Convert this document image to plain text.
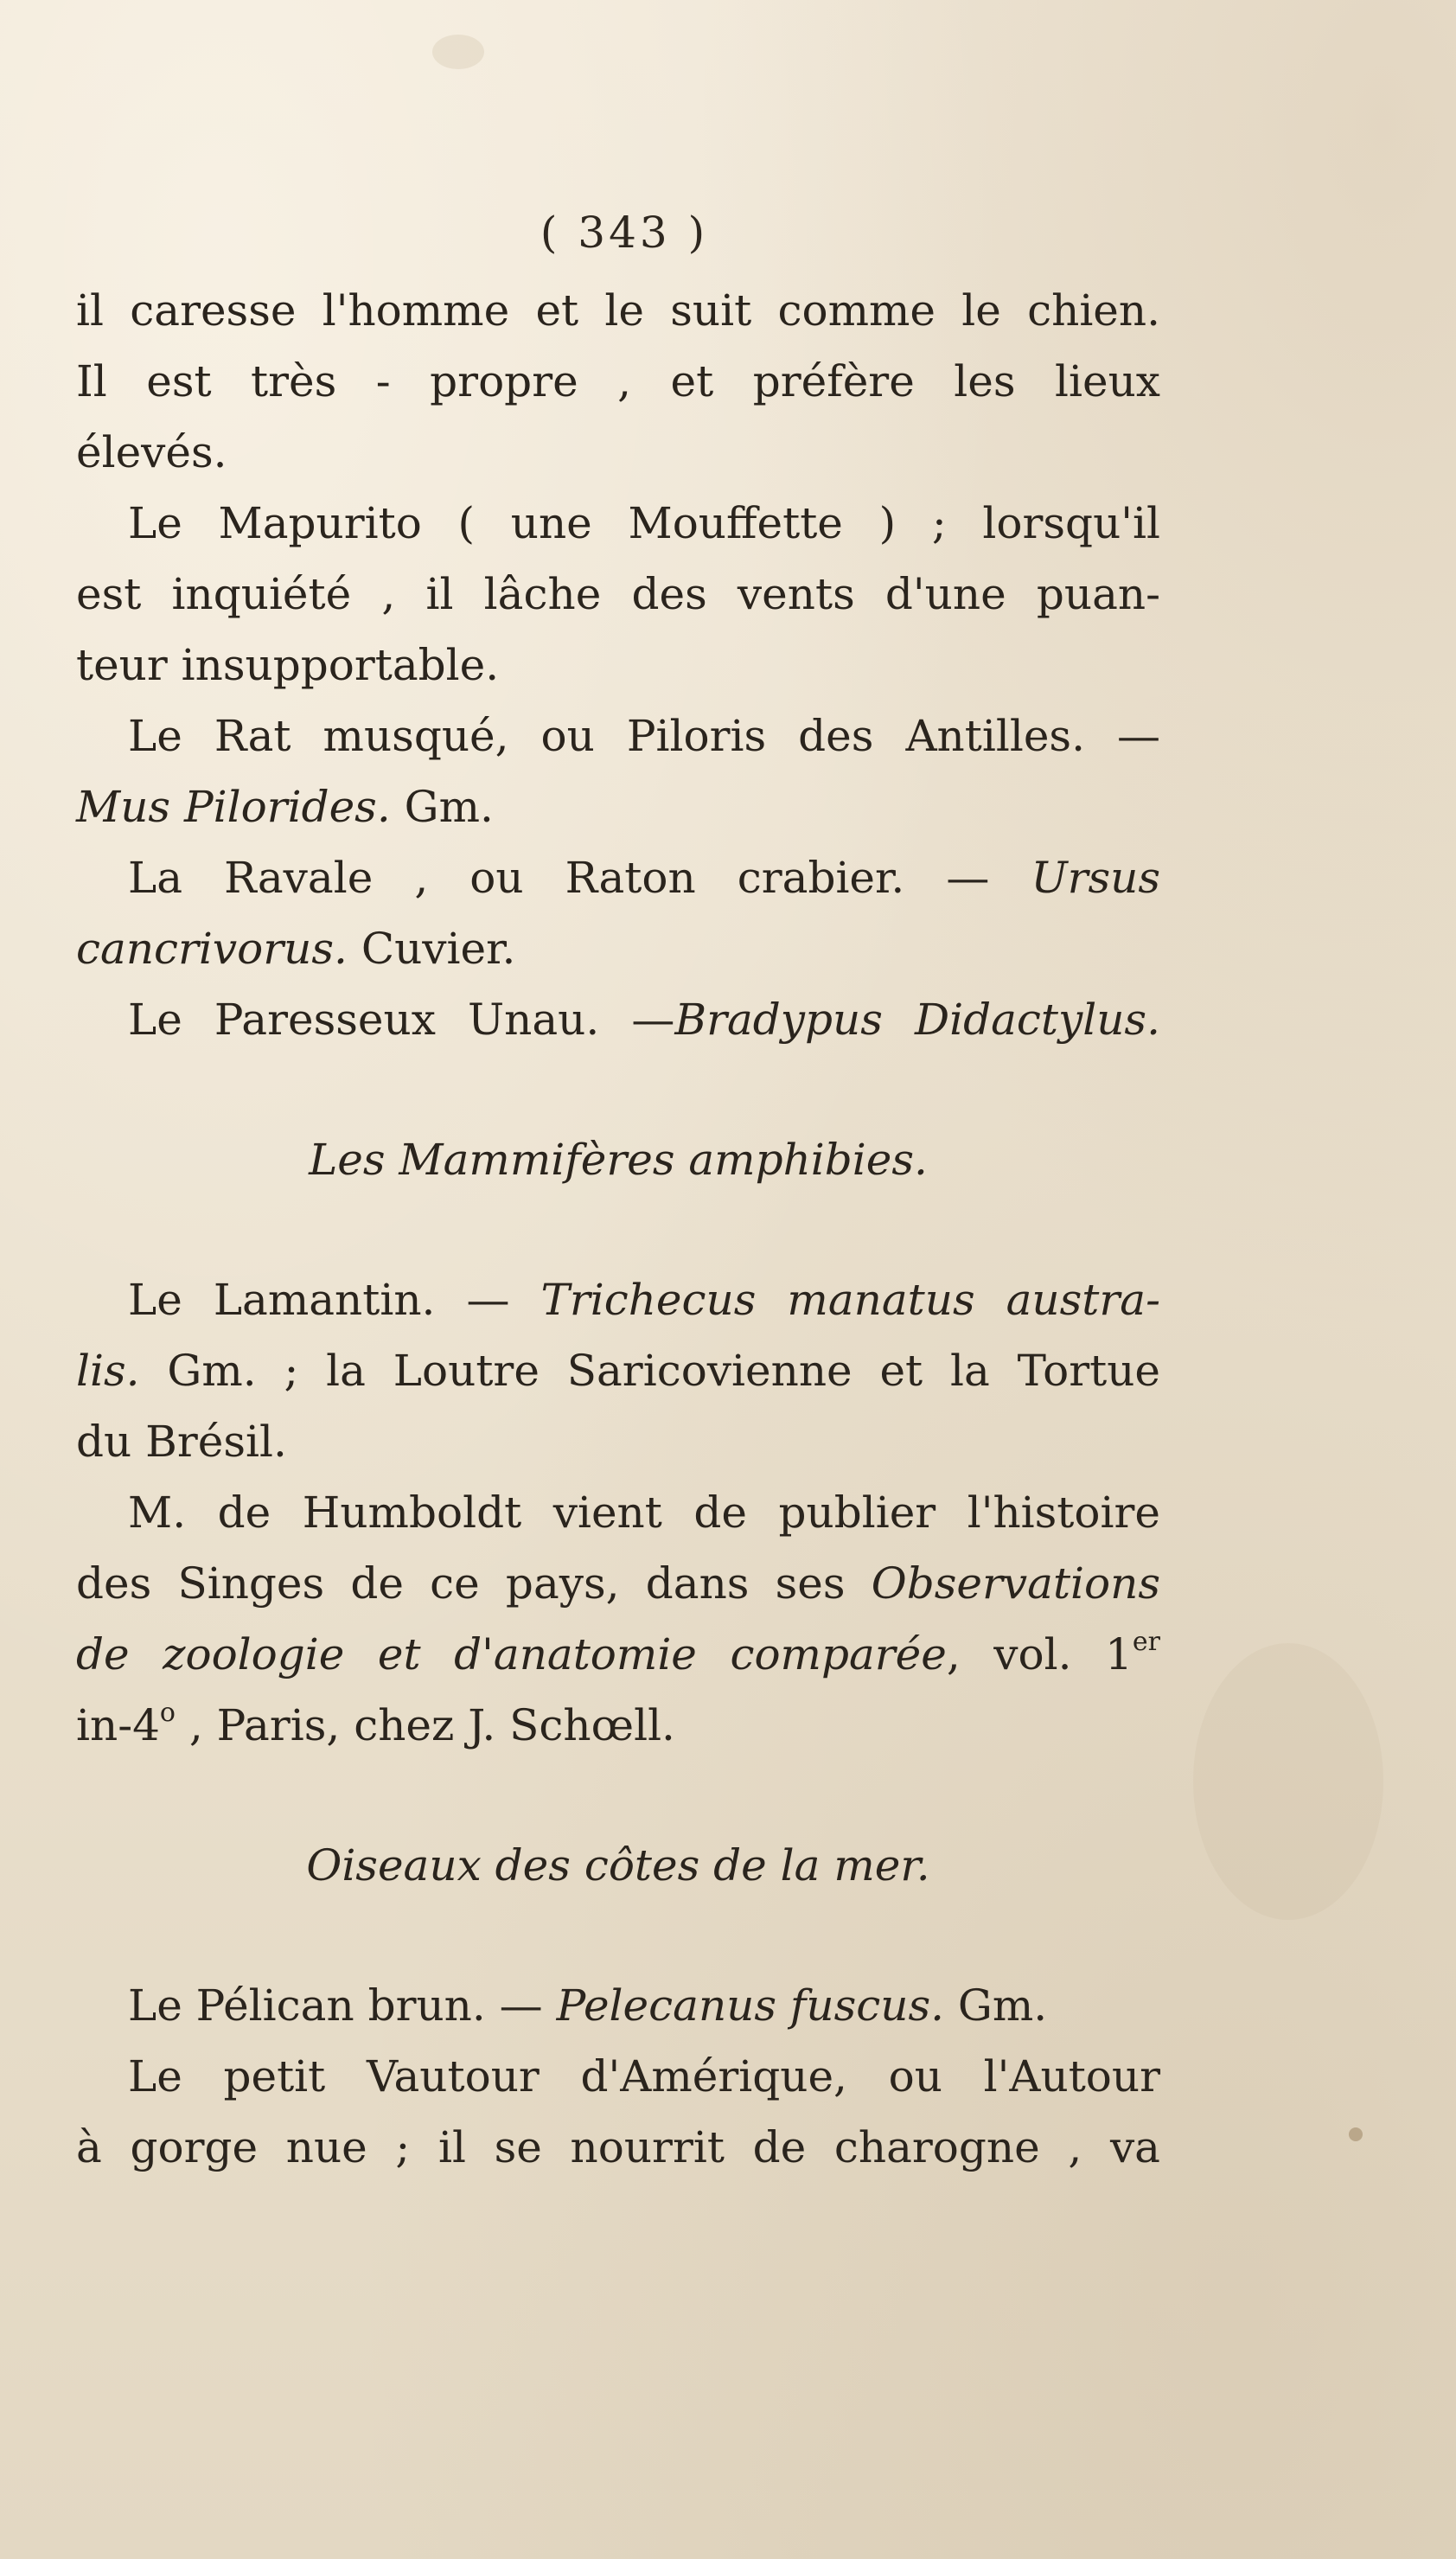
( 343 )
il caresse l'homme et le suit comme le chien.
Il est très - propre , et préfère les lieux
élevés.
Le Mapurito ( une Mouffette ) ; lorsqu'il
est inquiété , il lâche des vents d'une puan-
teur insupportable.
Le Rat musqué, ou Piloris des Antilles. —
Mus Pilorides. Gm.
La Ravale , ou Raton crabier. — Ursus
cancrivorus. Cuvier.
Le Paresseux Unau. —Bradypus Didactylus.
Les Mammifères amphibies.
Le Lamantin. — Trichecus manatus austra-
lis. Gm. ; la Loutre Saricovienne et la Tortue
du Brésil.
M. de Humboldt vient de publier l'histoire
des Singes de ce pays, dans ses Observations
de zoologie et d'anatomie comparée, vol. 1er
in-4$^o$ , Paris, chez J. Schœll.
Oiseaux des côtes de la mer.
Le Pélican brun. — Pelecanus fuscus. Gm.
Le petit Vautour d'Amérique, ou l'Autour
à gorge nue ; il se nourrit de charogne , va
